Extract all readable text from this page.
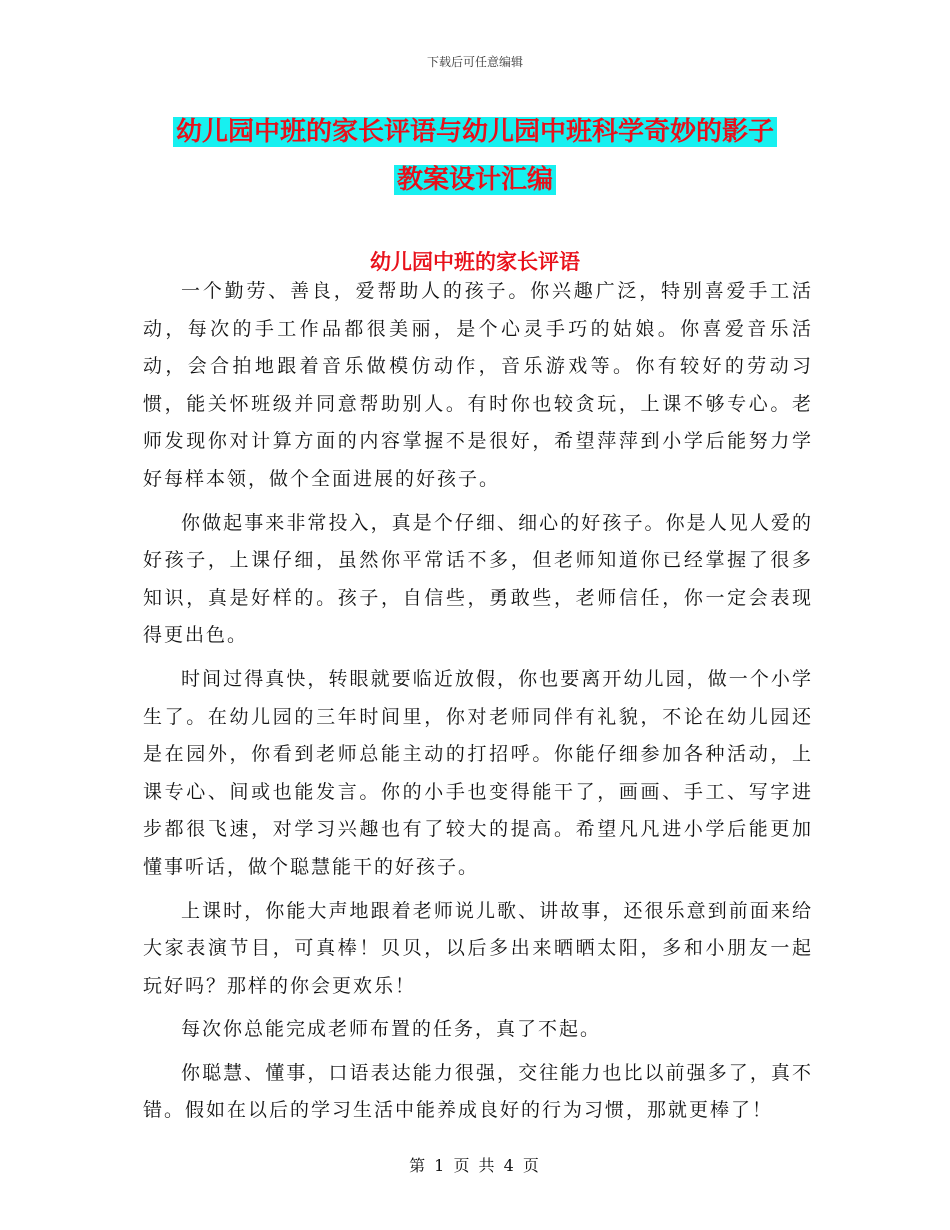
下载后可任意编辑
幼儿园中班的家长评语与幼儿园中班科学奇妙的影子
教案设计汇编
幼儿园中班的家长评语

一个勤劳、善良，爱帮助人的孩子。你兴趣广泛，特别喜爱手工活动，每次的手工作品都很美丽，是个心灵手巧的姑娘。你喜爱音乐活动，会合拍地跟着音乐做模仿动作，音乐游戏等。你有较好的劳动习惯，能关怀班级并同意帮助别人。有时你也较贪玩，上课不够专心。老师发现你对计算方面的内容掌握不是很好，希望萍萍到小学后能努力学好每样本领，做个全面进展的好孩子。

你做起事来非常投入，真是个仔细、细心的好孩子。你是人见人爱的好孩子，上课仔细，虽然你平常话不多，但老师知道你已经掌握了很多知识，真是好样的。孩子，自信些，勇敢些，老师信任，你一定会表现得更出色。

时间过得真快，转眼就要临近放假，你也要离开幼儿园，做一个小学生了。在幼儿园的三年时间里，你对老师同伴有礼貌，不论在幼儿园还是在园外，你看到老师总能主动的打招呼。你能仔细参加各种活动，上课专心、间或也能发言。你的小手也变得能干了，画画、手工、写字进步都很飞速，对学习兴趣也有了较大的提高。希望凡凡进小学后能更加懂事听话，做个聪慧能干的好孩子。

上课时，你能大声地跟着老师说儿歌、讲故事，还很乐意到前面来给大家表演节目，可真棒！贝贝，以后多出来晒晒太阳，多和小朋友一起玩好吗？那样的你会更欢乐！

每次你总能完成老师布置的任务，真了不起。

你聪慧、懂事，口语表达能力很强，交往能力也比以前强多了，真不错。假如在以后的学习生活中能养成良好的行为习惯，那就更棒了！

第 1 页 共 4 页
